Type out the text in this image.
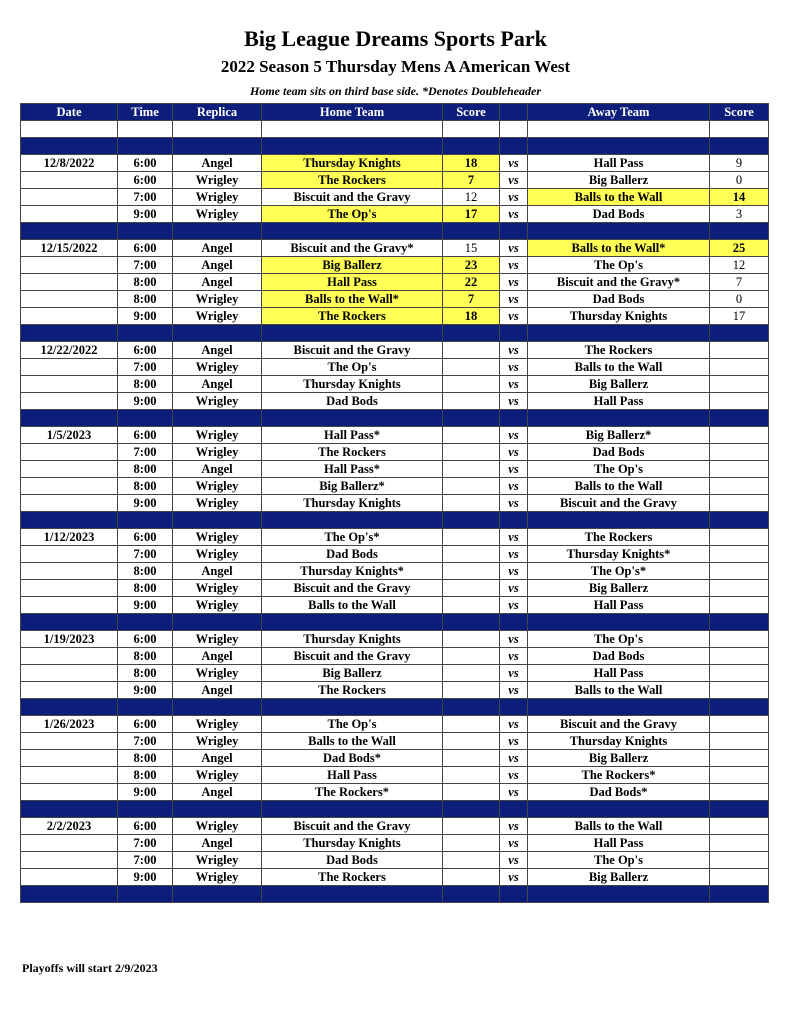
Big League Dreams Sports Park
2022 Season 5 Thursday Mens A American West
Home team sits on third base side. *Denotes Doubleheader
Date	Time	Replica	Home Team	Score		Away Team	Score

12/8/2022	6:00	Angel	Thursday Knights	18	vs	Hall Pass	9
	6:00	Wrigley	The Rockers	7	vs	Big Ballerz	0
	7:00	Wrigley	Biscuit and the Gravy	12	vs	Balls to the Wall	14
	9:00	Wrigley	The Op's	17	vs	Dad Bods	3

12/15/2022	6:00	Angel	Biscuit and the Gravy*	15	vs	Balls to the Wall*	25
	7:00	Angel	Big Ballerz	23	vs	The Op's	12
	8:00	Angel	Hall Pass	22	vs	Biscuit and the Gravy*	7
	8:00	Wrigley	Balls to the Wall*	7	vs	Dad Bods	0
	9:00	Wrigley	The Rockers	18	vs	Thursday Knights	17

12/22/2022	6:00	Angel	Biscuit and the Gravy		vs	The Rockers	
	7:00	Wrigley	The Op's		vs	Balls to the Wall	
	8:00	Angel	Thursday Knights		vs	Big Ballerz	
	9:00	Wrigley	Dad Bods		vs	Hall Pass	

1/5/2023	6:00	Wrigley	Hall Pass*		vs	Big Ballerz*	
	7:00	Wrigley	The Rockers		vs	Dad Bods	
	8:00	Angel	Hall Pass*		vs	The Op's	
	8:00	Wrigley	Big Ballerz*		vs	Balls to the Wall	
	9:00	Wrigley	Thursday Knights		vs	Biscuit and the Gravy	

1/12/2023	6:00	Wrigley	The Op's*		vs	The Rockers	
	7:00	Wrigley	Dad Bods		vs	Thursday Knights*	
	8:00	Angel	Thursday Knights*		vs	The Op's*	
	8:00	Wrigley	Biscuit and the Gravy		vs	Big Ballerz	
	9:00	Wrigley	Balls to the Wall		vs	Hall Pass	

1/19/2023	6:00	Wrigley	Thursday Knights		vs	The Op's	
	8:00	Angel	Biscuit and the Gravy		vs	Dad Bods	
	8:00	Wrigley	Big Ballerz		vs	Hall Pass	
	9:00	Angel	The Rockers		vs	Balls to the Wall	

1/26/2023	6:00	Wrigley	The Op's		vs	Biscuit and the Gravy	
	7:00	Wrigley	Balls to the Wall		vs	Thursday Knights	
	8:00	Angel	Dad Bods*		vs	Big Ballerz	
	8:00	Wrigley	Hall Pass		vs	The Rockers*	
	9:00	Angel	The Rockers*		vs	Dad Bods*	

2/2/2023	6:00	Wrigley	Biscuit and the Gravy		vs	Balls to the Wall	
	7:00	Angel	Thursday Knights		vs	Hall Pass	
	7:00	Wrigley	Dad Bods		vs	The Op's	
	9:00	Wrigley	The Rockers		vs	Big Ballerz	

Playoffs will start 2/9/2023
